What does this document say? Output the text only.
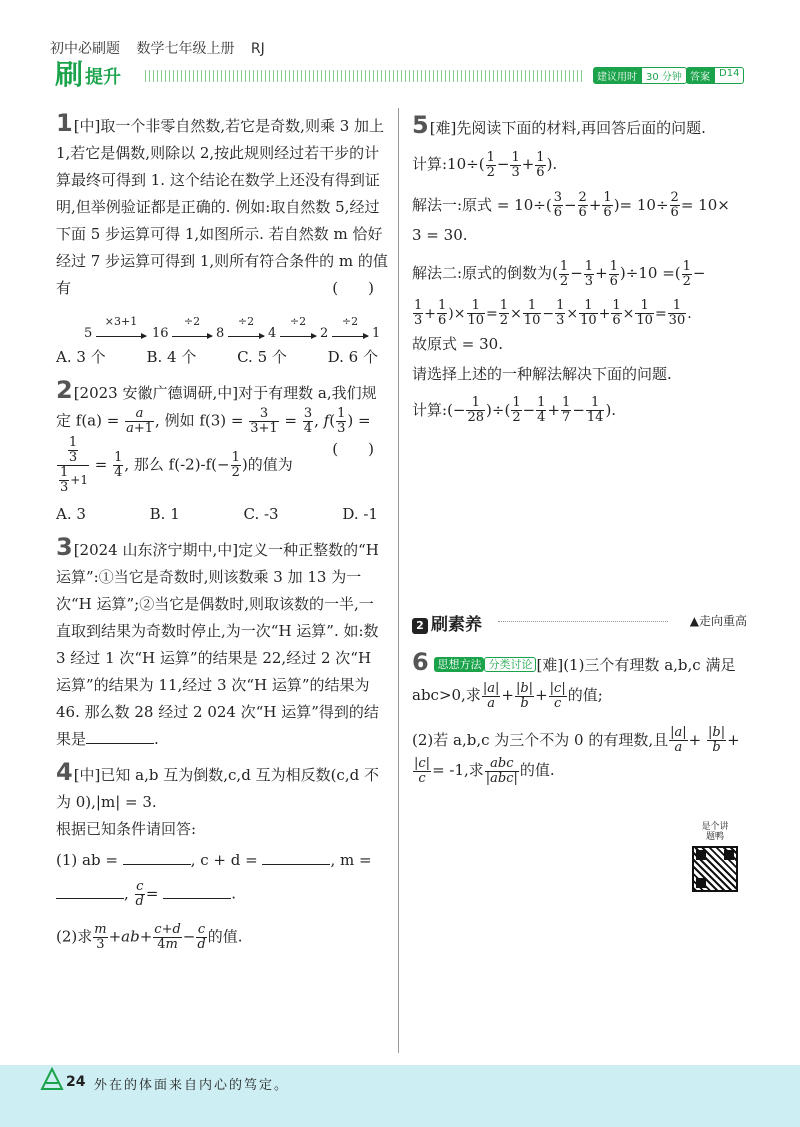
初中必刷题 数学七年级上册 RJ
刷 提升	建议用时 30 分钟 答案 D14
1[中]取一个非零自然数,若它是奇数,则乘 3 加上 1,若它是偶数,则除以 2,按此规则经过若干步的计算最终可得到 1. 这个结论在数学上还没有得到证明,但举例验证都是正确的. 例如:取自然数 5,经过下面 5 步运算可得 1,如图所示. 若自然数 m 恰好经过 7 步运算可得到 1,则所有符合条件的 m 的值有	(　　)
5
×3+1
16
÷2
8
÷2
4
÷2
2
÷2
1
A. 3 个	B. 4 个	C. 5 个	D. 6 个
2[2023 安徽广德调研,中]对于有理数 a,我们规定 $f(a) = \frac{a}{a+1}$ , 例如 $f(3) = \frac{3}{3+1} = \frac{3}{4}$ , $f( \frac{1}{3}$ ) =
$\frac{\frac{1}{3}}{\frac{1}{3} +1} = \frac{1}{4}$ , 那么 $f(-2)-f(- \frac{1}{2}$ )的值为
(　　)
A. 3	B. 1	C. -3	D. -1
3[2024 山东济宁期中,中]定义一种正整数的“H 运算”:①当它是奇数时,则该数乘 3 加 13 为一次“H 运算”;②当它是偶数时,则取该数的一半,一直取到结果为奇数时停止,为一次“H 运算”. 如:数 3 经过 1 次“H 运算”的结果是 22,经过 2 次“H 运算”的结果为 11,经过 3 次“H 运算”的结果为 46. 那么数 28 经过 2 024 次“H 运算”得到的结果是	.
4[中]已知 a,b 互为倒数,c,d 互为相反数(c,d 不为 0),|m| = 3.
根据已知条件请回答:
(1) ab =	, c + d =	, m =
, $\frac{c}{d}$ =	.
(2)求 $\frac{m}{3} +ab+ \frac{c+d}{4m} - \frac{c}{d}$ 的值.
5[难]先阅读下面的材料,再回答后面的问题.
计算:10÷( $\frac{1}{2} - \frac{1}{3} + \frac{1}{6}$ ).
解法一:原式 = $10\div( \frac{3}{6} - \frac{2}{6} + \frac{1}{6}$ )= $10\div \frac{2}{6} = 10\times$
3 = 30.
解法二:原式的倒数为( $\frac{1}{2} - \frac{1}{3} + \frac{1}{6} )\div 10$ =( $\frac{1}{2}$ −
$\frac{1}{3} + \frac{1}{6}$ )× $\frac{1}{10} = \frac{1}{2} \times \frac{1}{10} - \frac{1}{3} \times \frac{1}{10} + \frac{1}{6} \times \frac{1}{10} = \frac{1}{30}$ .
故原式 = 30.
请选择上述的一种解法解决下面的问题.
计算:(− $\frac{1}{28}$ )÷( $\frac{1}{2} - \frac{1}{4} + \frac{1}{7} - \frac{1}{14}$ ).
2 刷素养	▲走向重高
6 思想方法 分类讨论 [难](1)三个有理数 a,b,c 满足 abc>0,求 $\frac{|a|}{a} + \frac{|b|}{b} + \frac{|c|}{c}$ 的值;
(2)若 a,b,c 为三个不为 0 的有理数,且 $\frac{|a|}{a} + \frac{|b|}{b}$ +
$\frac{|c|}{c} = -1$,求 $\frac{\text{abc}}{\text{|abc|}}$ 的值.
是个讲题鸭
24 外在的体面来自内心的笃定。
